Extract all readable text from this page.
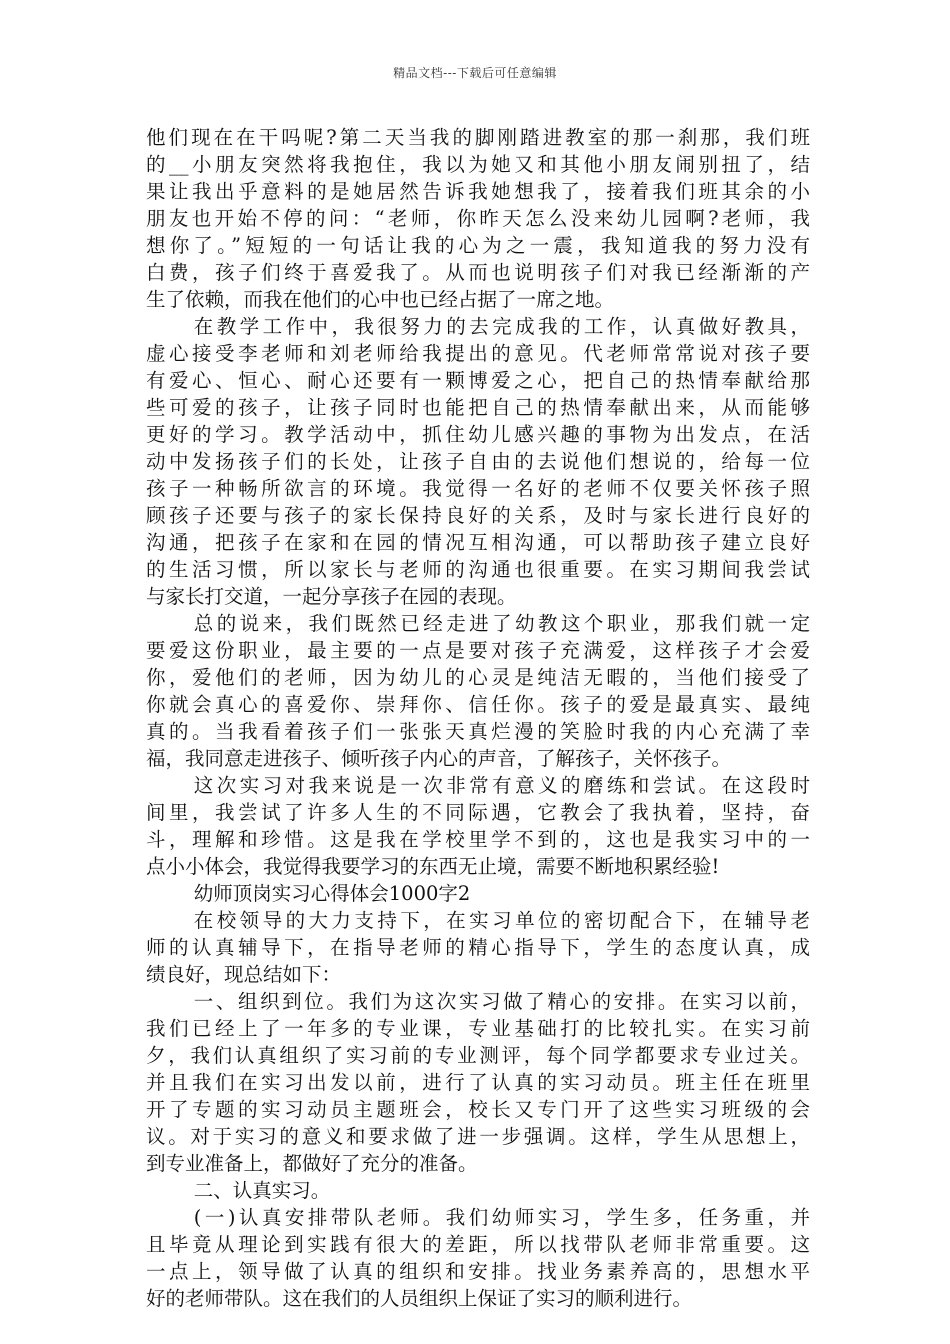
精品文档---下载后可任意编辑

他们现在在干吗呢?第二天当我的脚刚踏进教室的那一刹那，我们班
的__小朋友突然将我抱住，我以为她又和其他小朋友闹别扭了，结
果让我出乎意料的是她居然告诉我她想我了，接着我们班其余的小
朋友也开始不停的问：“老师，你昨天怎么没来幼儿园啊?老师，我
想你了。”短短的一句话让我的心为之一震，我知道我的努力没有
白费，孩子们终于喜爱我了。从而也说明孩子们对我已经渐渐的产
生了依赖，而我在他们的心中也已经占据了一席之地。

在教学工作中，我很努力的去完成我的工作，认真做好教具，
虚心接受李老师和刘老师给我提出的意见。代老师常常说对孩子要
有爱心、恒心、耐心还要有一颗博爱之心，把自己的热情奉献给那
些可爱的孩子，让孩子同时也能把自己的热情奉献出来，从而能够
更好的学习。教学活动中，抓住幼儿感兴趣的事物为出发点，在活
动中发扬孩子们的长处，让孩子自由的去说他们想说的，给每一位
孩子一种畅所欲言的环境。我觉得一名好的老师不仅要关怀孩子照
顾孩子还要与孩子的家长保持良好的关系，及时与家长进行良好的
沟通，把孩子在家和在园的情况互相沟通，可以帮助孩子建立良好
的生活习惯，所以家长与老师的沟通也很重要。在实习期间我尝试
与家长打交道，一起分享孩子在园的表现。

总的说来，我们既然已经走进了幼教这个职业，那我们就一定
要爱这份职业，最主要的一点是要对孩子充满爱，这样孩子才会爱
你，爱他们的老师，因为幼儿的心灵是纯洁无暇的，当他们接受了
你就会真心的喜爱你、崇拜你、信任你。孩子的爱是最真实、最纯
真的。当我看着孩子们一张张天真烂漫的笑脸时我的内心充满了幸
福，我同意走进孩子、倾听孩子内心的声音，了解孩子，关怀孩子。

这次实习对我来说是一次非常有意义的磨练和尝试。在这段时
间里，我尝试了许多人生的不同际遇，它教会了我执着，坚持，奋
斗，理解和珍惜。这是我在学校里学不到的，这也是我实习中的一
点小小体会，我觉得我要学习的东西无止境，需要不断地积累经验!

幼师顶岗实习心得体会1000字2

在校领导的大力支持下，在实习单位的密切配合下，在辅导老
师的认真辅导下，在指导老师的精心指导下，学生的态度认真，成
绩良好，现总结如下：

一、组织到位。我们为这次实习做了精心的安排。在实习以前，
我们已经上了一年多的专业课，专业基础打的比较扎实。在实习前
夕，我们认真组织了实习前的专业测评，每个同学都要求专业过关。
并且我们在实习出发以前，进行了认真的实习动员。班主任在班里
开了专题的实习动员主题班会，校长又专门开了这些实习班级的会
议。对于实习的意义和要求做了进一步强调。这样，学生从思想上，
到专业准备上，都做好了充分的准备。

二、认真实习。

(一)认真安排带队老师。我们幼师实习，学生多，任务重，并
且毕竟从理论到实践有很大的差距，所以找带队老师非常重要。这
一点上，领导做了认真的组织和安排。找业务素养高的，思想水平
好的老师带队。这在我们的人员组织上保证了实习的顺利进行。
